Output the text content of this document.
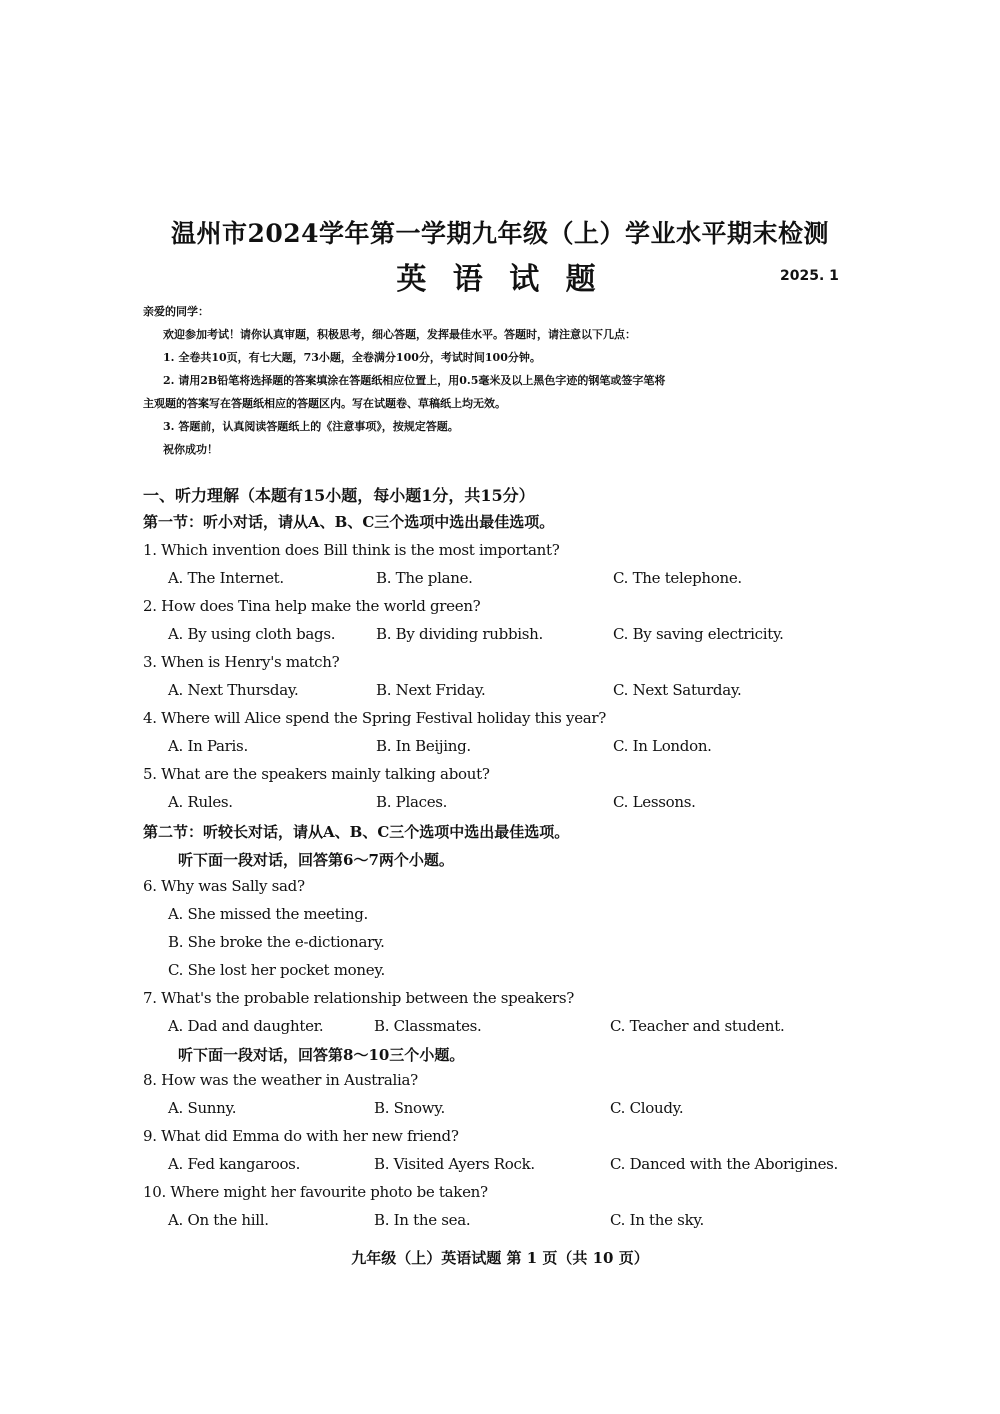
温州市2024学年第一学期九年级（上）学业水平期末检测
英 语 试 题	2025. 1
亲爱的同学：
欢迎参加考试！请你认真审题，积极思考，细心答题，发挥最佳水平。答题时，请注意以下几点：
1. 全卷共10页，有七大题，73小题，全卷满分100分，考试时间100分钟。
2. 请用2B铅笔将选择题的答案填涂在答题纸相应位置上，用0.5毫米及以上黑色字迹的钢笔或签字笔将
主观题的答案写在答题纸相应的答题区内。写在试题卷、草稿纸上均无效。
3. 答题前，认真阅读答题纸上的《注意事项》，按规定答题。
祝你成功！
一、听力理解（本题有15小题，每小题1分，共15分）
第一节：听小对话，请从A、B、C三个选项中选出最佳选项。
1. Which invention does Bill think is the most important?
A. The Internet.	B. The plane.	C. The telephone.
2. How does Tina help make the world green?
A. By using cloth bags.	B. By dividing rubbish.	C. By saving electricity.
3. When is Henry's match?
A. Next Thursday.	B. Next Friday.	C. Next Saturday.
4. Where will Alice spend the Spring Festival holiday this year?
A. In Paris.	B. In Beijing.	C. In London.
5. What are the speakers mainly talking about?
A. Rules.	B. Places.	C. Lessons.
第二节：听较长对话，请从A、B、C三个选项中选出最佳选项。
听下面一段对话，回答第6～7两个小题。
6. Why was Sally sad?
A. She missed the meeting.
B. She broke the e-dictionary.
C. She lost her pocket money.
7. What's the probable relationship between the speakers?
A. Dad and daughter.	B. Classmates.	C. Teacher and student.
听下面一段对话，回答第8～10三个小题。
8. How was the weather in Australia?
A. Sunny.	B. Snowy.	C. Cloudy.
9. What did Emma do with her new friend?
A. Fed kangaroos.	B. Visited Ayers Rock.	C. Danced with the Aborigines.
10. Where might her favourite photo be taken?
A. On the hill.	B. In the sea.	C. In the sky.
九年级（上）英语试题 第 1 页（共 10 页）
